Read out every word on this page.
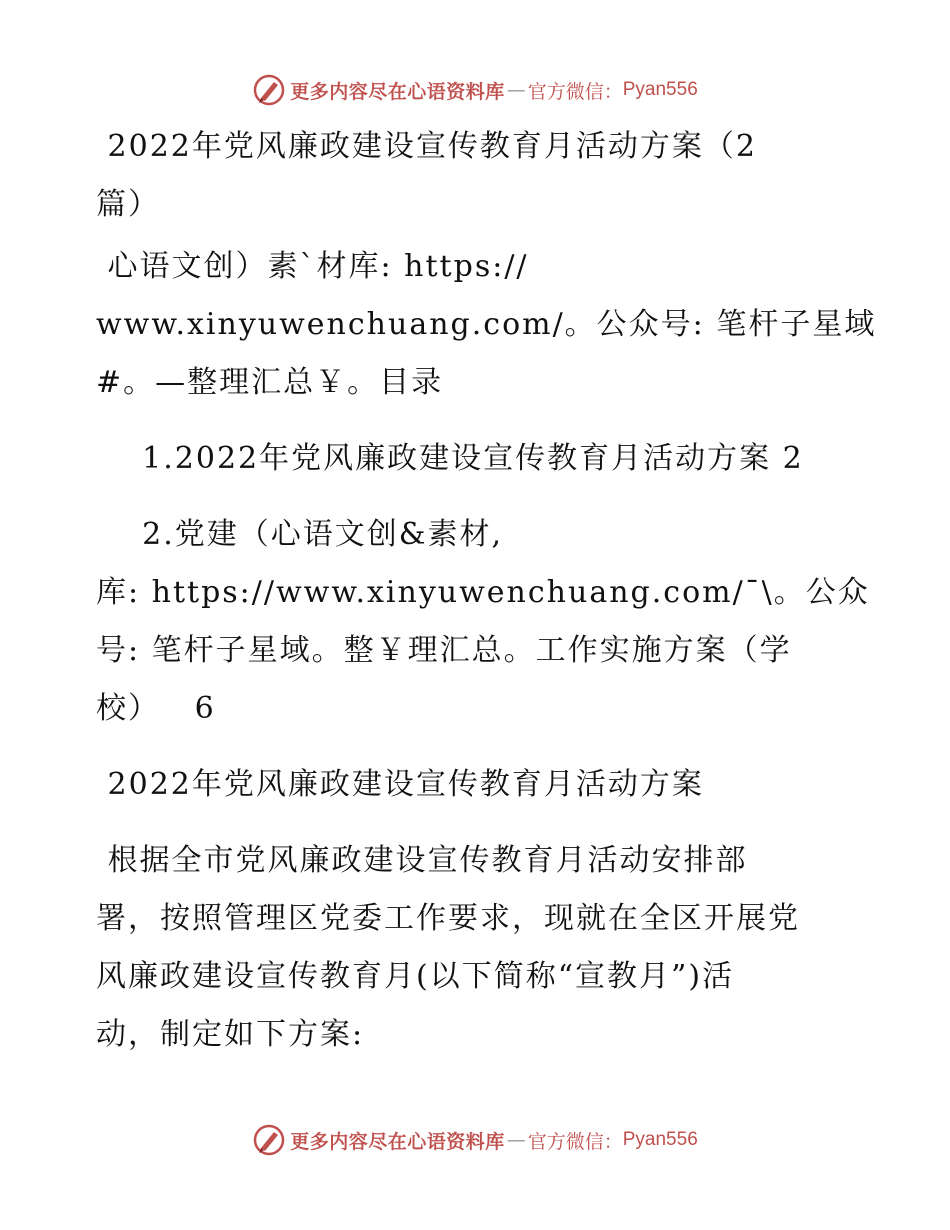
更多内容尽在心语资料库 — 官方微信： Pyan556
2022年党风廉政建设宣传教育月活动方案（2
篇）
心语文创）素`材库: https://
www.xinyuwenchuang.com/。公众号: 笔杆子星域
#。—整理汇总￥。目录
1.2022年党风廉政建设宣传教育月活动方案 2
2.党建（心语文创&素材,
库: https://www.xinyuwenchuang.com/¯\。公众
号: 笔杆子星域。整￥理汇总。工作实施方案（学
校）   6
2022年党风廉政建设宣传教育月活动方案
根据全市党风廉政建设宣传教育月活动安排部
署，按照管理区党委工作要求，现就在全区开展党
风廉政建设宣传教育月(以下简称“宣教月”)活
动，制定如下方案:
更多内容尽在心语资料库 — 官方微信： Pyan556
